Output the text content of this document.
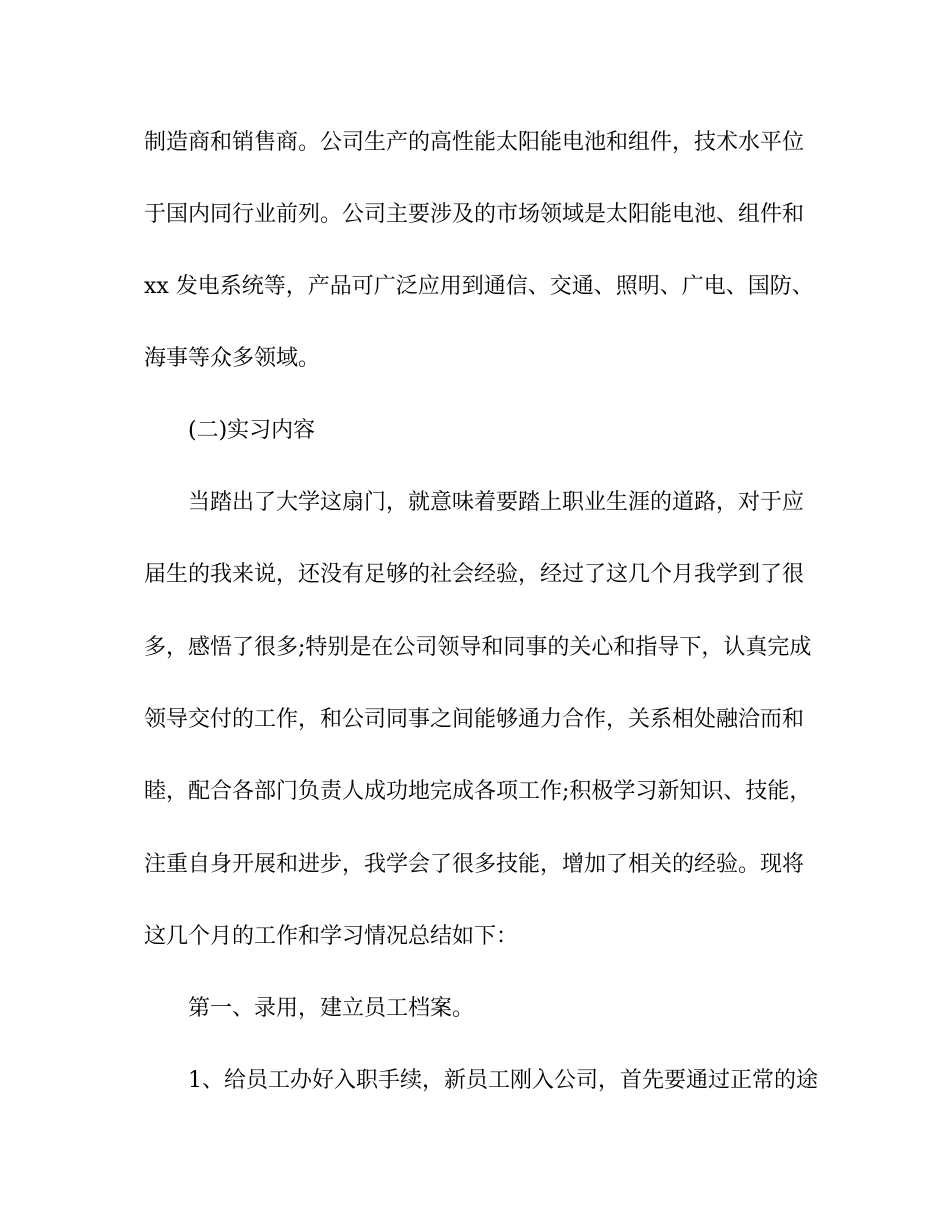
制造商和销售商。公司生产的高性能太阳能电池和组件，技术水平位

于国内同行业前列。公司主要涉及的市场领域是太阳能电池、组件和

xx 发电系统等，产品可广泛应用到通信、交通、照明、广电、国防、

海事等众多领域。

(二)实习内容

当踏出了大学这扇门，就意味着要踏上职业生涯的道路，对于应

届生的我来说，还没有足够的社会经验，经过了这几个月我学到了很

多，感悟了很多;特别是在公司领导和同事的关心和指导下，认真完成

领导交付的工作，和公司同事之间能够通力合作，关系相处融洽而和

睦，配合各部门负责人成功地完成各项工作;积极学习新知识、技能，

注重自身开展和进步，我学会了很多技能，增加了相关的经验。现将

这几个月的工作和学习情况总结如下：

第一、录用，建立员工档案。

1、给员工办好入职手续，新员工刚入公司，首先要通过正常的途
